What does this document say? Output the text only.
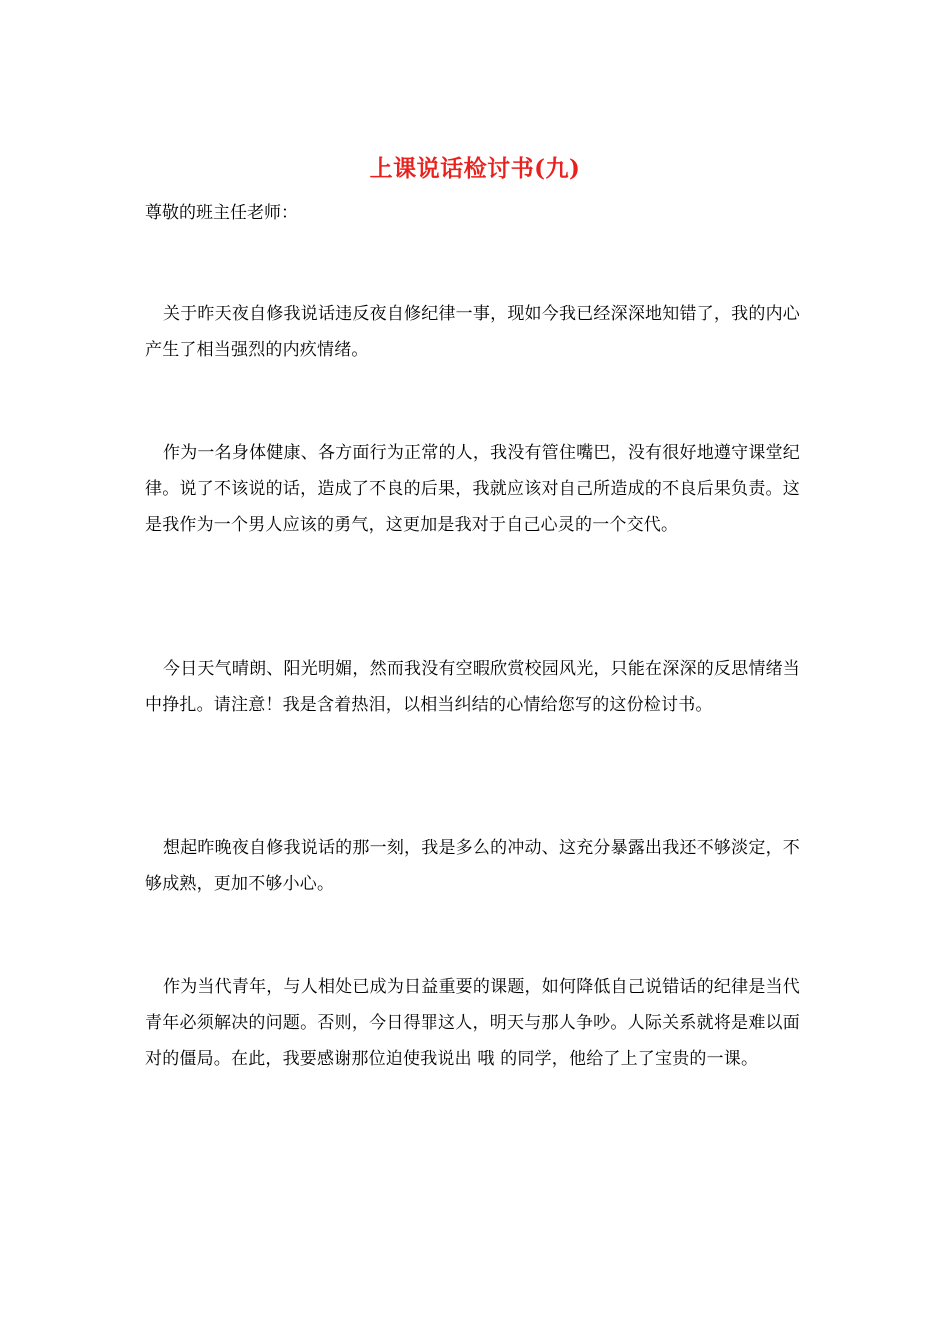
上课说话检讨书(九)
尊敬的班主任老师：
关于昨天夜自修我说话违反夜自修纪律一事，现如今我已经深深地知错了，我的内心产生了相当强烈的内疚情绪。
作为一名身体健康、各方面行为正常的人，我没有管住嘴巴，没有很好地遵守课堂纪律。说了不该说的话，造成了不良的后果，我就应该对自己所造成的不良后果负责。这是我作为一个男人应该的勇气，这更加是我对于自己心灵的一个交代。
今日天气晴朗、阳光明媚，然而我没有空暇欣赏校园风光，只能在深深的反思情绪当中挣扎。请注意！我是含着热泪，以相当纠结的心情给您写的这份检讨书。
想起昨晚夜自修我说话的那一刻，我是多么的冲动、这充分暴露出我还不够淡定，不够成熟，更加不够小心。
作为当代青年，与人相处已成为日益重要的课题，如何降低自己说错话的纪律是当代青年必须解决的问题。否则，今日得罪这人，明天与那人争吵。人际关系就将是难以面对的僵局。在此，我要感谢那位迫使我说出 哦 的同学，他给了上了宝贵的一课。
